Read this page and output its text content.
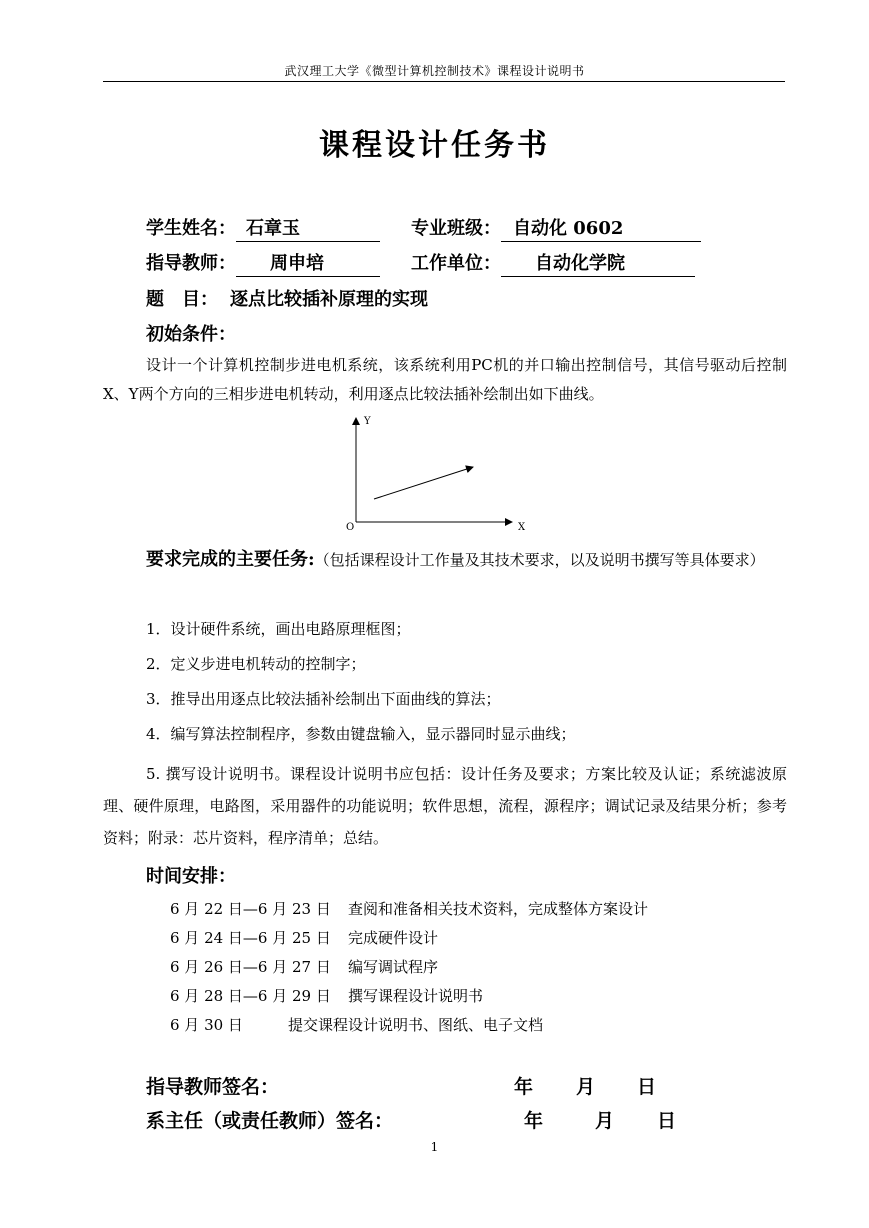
武汉理工大学《微型计算机控制技术》课程设计说明书
课程设计任务书
学生姓名： 石章玉	专业班级： 自动化 0602
指导教师： 周申培	工作单位： 自动化学院
题　目： 逐点比较插补原理的实现
初始条件：
设计一个计算机控制步进电机系统，该系统利用PC机的并口输出控制信号，其信号驱动后控制X、Y两个方向的三相步进电机转动，利用逐点比较法插补绘制出如下曲线。
Y
X
O
要求完成的主要任务:（包括课程设计工作量及其技术要求，以及说明书撰写等具体要求）
1．设计硬件系统，画出电路原理框图；
2．定义步进电机转动的控制字；
3．推导出用逐点比较法插补绘制出下面曲线的算法；
4．编写算法控制程序，参数由键盘输入，显示器同时显示曲线；
5. 撰写设计说明书。课程设计说明书应包括：设计任务及要求；方案比较及认证；系统滤波原理、硬件原理，电路图，采用器件的功能说明；软件思想，流程，源程序；调试记录及结果分析；参考资料；附录：芯片资料，程序清单；总结。
时间安排：
6 月 22 日—6 月 23 日 查阅和准备相关技术资料，完成整体方案设计
6 月 24 日—6 月 25 日 完成硬件设计
6 月 26 日—6 月 27 日 编写调试程序
6 月 28 日—6 月 29 日 撰写课程设计说明书
6 月 30 日	提交课程设计说明书、图纸、电子文档
指导教师签名：	年 月 日
系主任（或责任教师）签名：	年	月 日
1
